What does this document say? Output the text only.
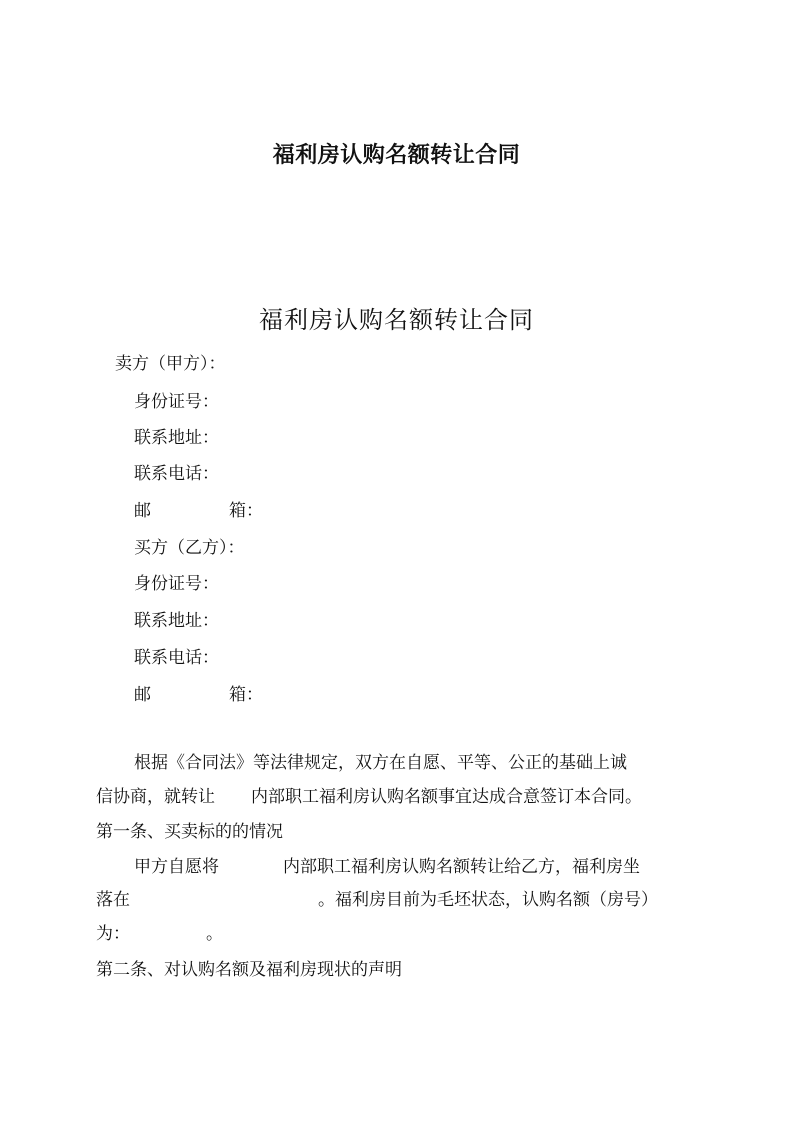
福利房认购名额转让合同
福利房认购名额转让合同
卖方（甲方）：
身份证号：
联系地址：
联系电话：
邮	箱：
买方（乙方）：
身份证号：
联系地址：
联系电话：
邮	箱：
根据《合同法》等法律规定，双方在自愿、平等、公正的基础上诚
信协商，就转让 内部职工福利房认购名额事宜达成合意签订本合同。
第一条、买卖标的的情况
甲方自愿将	内部职工福利房认购名额转让给乙方，福利房坐
落在	。福利房目前为毛坯状态，认购名额（房号）
为：	。
第二条、对认购名额及福利房现状的声明
